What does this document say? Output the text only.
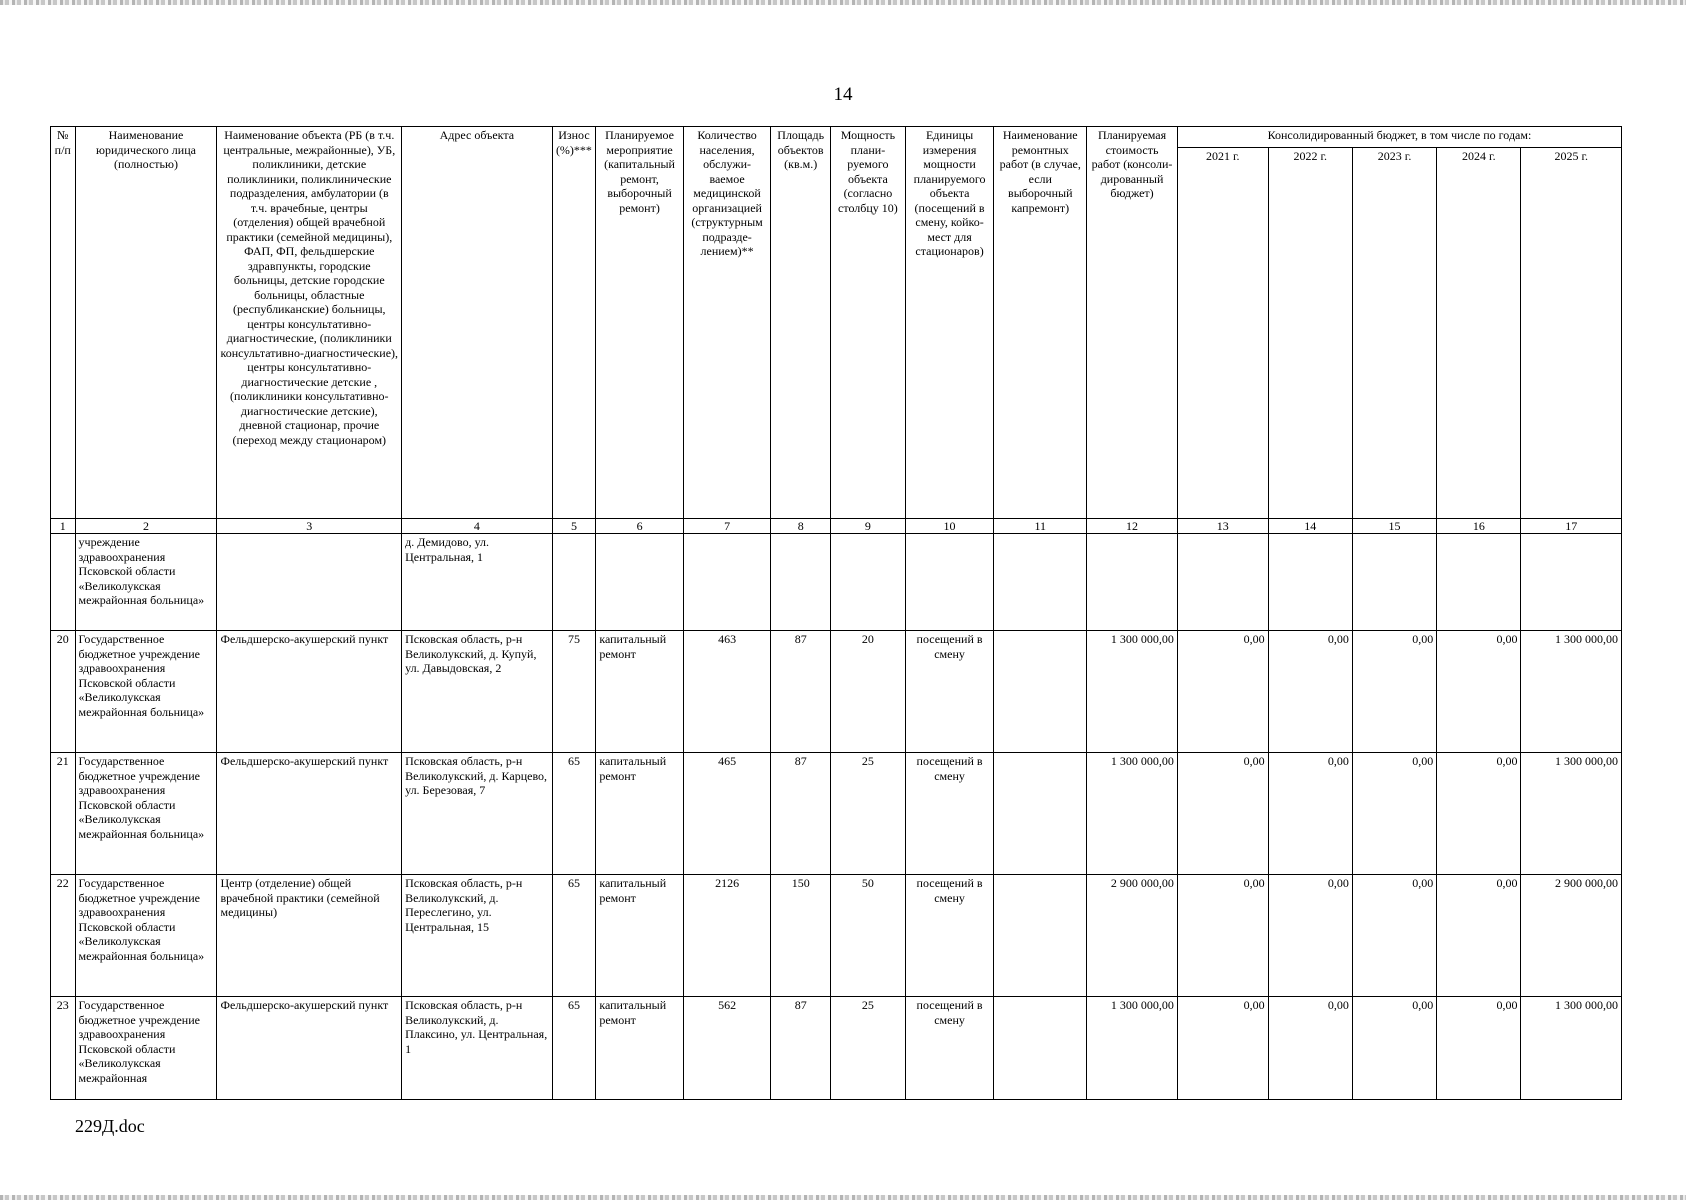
14
№ п/п	Наименование юридического лица (полностью)	Наименование объекта (РБ (в т.ч. центральные, межрайонные), УБ, поликлиники, детские поликлиники, поликлинические подразделения, амбулатории (в т.ч. врачебные, центры (отделения) общей врачебной практики (семейной медицины), ФАП, ФП, фельдшерские здравпункты, городские больницы, детские городские больницы, областные (республиканские) больницы, центры консультативно-диагностические, (поликлиники консультативно-диагностические), центры консультативно-диагностические детские , (поликлиники консультативно-диагностические детские), дневной стационар, прочие (переход между стационаром)	Адрес объекта	Износ (%)***	Планируемое мероприятие (капитальный ремонт, выборочный ремонт)	Количество населения, обслужи-ваемое медицинской организацией (структурным подразде-лением)**	Площадь объектов (кв.м.)	Мощность плани-руемого объекта (согласно столбцу 10)	Единицы измерения мощности планируемого объекта (посещений в смену, койко-мест для стационаров)	Наименование ремонтных работ (в случае, если выборочный капремонт)	Планируемая стоимость работ (консоли-дированный бюджет)	Консолидированный бюджет, в том числе по годам:				
												2021 г.	2022 г.	2023 г.	2024 г.	2025 г.
1	2	3	4	5	6	7	8	9	10	11	12	13	14	15	16	17
	учреждение здравоохранения Псковской области «Великолукская межрайонная больница»		д. Демидово, ул. Центральная, 1													
20	Государственное бюджетное учреждение здравоохранения Псковской области «Великолукская межрайонная больница»	Фельдшерско-акушерский пункт	Псковская область, р-н Великолукский, д. Купуй, ул. Давыдовская, 2	75	капитальный ремонт	463	87	20	посещений в смену		1 300 000,00	0,00	0,00	0,00	0,00	1 300 000,00
21	Государственное бюджетное учреждение здравоохранения Псковской области «Великолукская межрайонная больница»	Фельдшерско-акушерский пункт	Псковская область, р-н Великолукский, д. Карцево, ул. Березовая, 7	65	капитальный ремонт	465	87	25	посещений в смену		1 300 000,00	0,00	0,00	0,00	0,00	1 300 000,00
22	Государственное бюджетное учреждение здравоохранения Псковской области «Великолукская межрайонная больница»	Центр (отделение) общей врачебной практики (семейной медицины)	Псковская область, р-н Великолукский, д. Переслегино, ул. Центральная, 15	65	капитальный ремонт	2126	150	50	посещений в смену		2 900 000,00	0,00	0,00	0,00	0,00	2 900 000,00
23	Государственное бюджетное учреждение здравоохранения Псковской области «Великолукская межрайонная	Фельдшерско-акушерский пункт	Псковская область, р-н Великолукский, д. Плаксино, ул. Центральная, 1	65	капитальный ремонт	562	87	25	посещений в смену		1 300 000,00	0,00	0,00	0,00	0,00	1 300 000,00
229Д.doc
